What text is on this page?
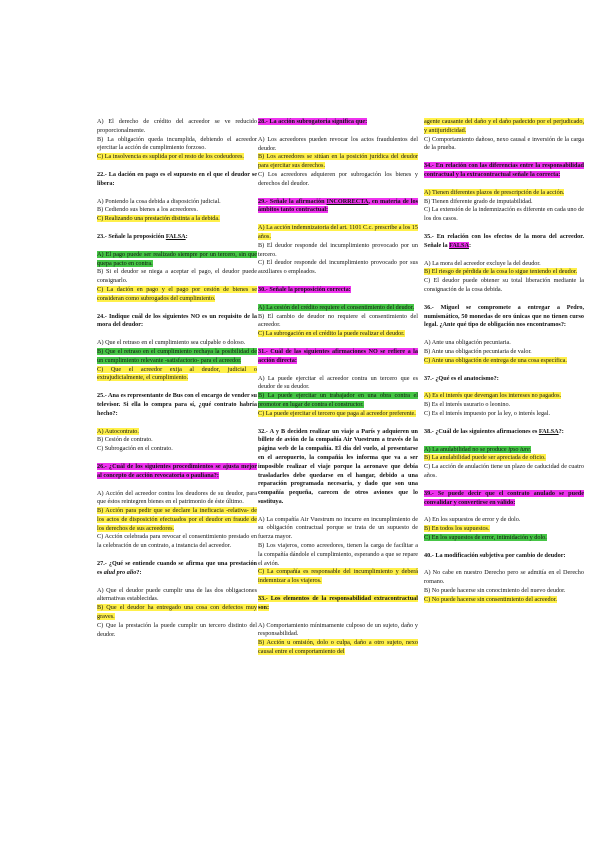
A) El derecho de crédito del acreedor se ve reducido proporcionalmente.

B) La obligación queda incumplida, debiendo el acreedor ejercitar la acción de cumplimiento forzoso.

C) La insolvencia es suplida por el resto de los codeudores.

22.- La dación en pago es el supuesto en el que el deudor se libera:

A) Poniendo la cosa debida a disposición judicial.

B) Cediendo sus bienes a los acreedores.

C) Realizando una prestación distinta a la debida.

23.- Señale la proposición FALSA:

A) El pago puede ser realizado siempre por un tercero, sin que quepa pacto en contra.

B) Si el deudor se niega a aceptar el pago, el deudor puede consignarlo.

C) La dación en pago y el pago por cesión de bienes se consideran como subrogados del cumplimiento.

24.- Indique cuál de los siguientes NO es un requisito de la mora del deudor:

A) Que el retraso en el cumplimiento sea culpable o doloso.

B) Que el retraso en el cumplimiento rechaya la posibilidad de un cumplimiento relevante -satisfactorio- para el acreedor.

C) Que el acreedor exija al deudor, judicial o extrajudicialmente, el cumplimiento.

25.- Ana es representante de Bus con el encargo de vender su televisor. Si ella lo compra para sí, ¿qué contrato habría hecho?:

A) Autocontrato.

B) Cesión de contrato.

C) Subrogación en el contrato.

26.- ¿Cuál de los siguientes procedimientos se ajusta mejor al concepto de acción revocatoria o pauliana?:

A) Acción del acreedor contra los deudores de su deudor, para que éstos reintegren bienes en el patrimonio de éste último.

B) Acción para pedir que se declare la ineficacia -relativa- de los actos de disposición efectuados por el deudor en fraude de los derechos de sus acreedores.

C) Acción celebrada para revocar el consentimiento prestado en la celebración de un contrato, a instancia del acreedor.

27.- ¿Qué se entiende cuando se afirma que una prestación es alud pro alio?:

A) Que el deudor puede cumplir una de las dos obligaciones alternativas establecidas.

B) Que el deudor ha entregado una cosa con defectos muy graves.

C) Que la prestación la puede cumplir un tercero distinto del deudor.

28.- La acción subrogatoria significa que:

A) Los acreedores pueden revocar los actos fraudulentos del deudor.

B) Los acreedores se sitúan en la posición jurídica del deudor para ejercitar sus derechos.

C) Los acreedores adquieren por subrogación los bienes y derechos del deudor.

29.- Señale la afirmación INCORRECTA, en materia de los ámbitos tanto contractual:

A) La acción indemnizatoria del art. 1101 C.c. prescribe a los 15 años.

B) El deudor responde del incumplimiento provocado por un tercero.

C) El deudor responde del incumplimiento provocado por sus auxiliares o empleados.

30.- Señale la proposición correcta:

A) La cesión del crédito requiere el consentimiento del deudor.

B) El cambio de deudor no requiere el consentimiento del acreedor.

C) La subrogación en el crédito la puede realizar el deudor.

31.- Cuál de las siguientes afirmaciones NO se refiere a la acción directa:

A) La puede ejercitar el acreedor contra un tercero que es deudor de su deudor.

B) La puede ejercitar un trabajador en una obra contra el promotor en lugar de contra el constructor.

C) La puede ejercitar el tercero que paga al acreedor preferente.

32.- A y B deciden realizar un viaje a París y adquieren un billete de avión de la compañía Air Vuestrum a través de la página web de la compañía. El día del vuelo, al presentarse en el aeropuerto, la compañía les informa que va a ser imposible realizar el viaje porque la aeronave que debía trasladarles debe quedarse en el hangar, debido a una reparación programada necesaria, y dado que son una compañía pequeña, carecen de otros aviones que lo sustituya.

A) La compañía Air Vuestrum no incurre en incumplimiento de su obligación contractual porque se trata de un supuesto de fuerza mayor.

B) Los viajeros, como acreedores, tienen la carga de facilitar a la compañía dándole el cumplimiento, esperando a que se repare el avión.

C) La compañía es responsable del incumplimiento y deberá indemnizar a los viajeros.

33.- Los elementos de la responsabilidad extracontractual son:

A) Comportamiento mínimamente culposo de un sujeto, daño y responsabilidad.

B) Acción u omisión, dolo o culpa, daño a otro sujeto, nexo causal entre el comportamiento del

agente causante del daño y el daño padecido por el perjudicado, y antijuridicidad.

C) Comportamiento dañoso, nexo causal e inversión de la carga de la prueba.

34.- En relación con las diferencias entre la responsabilidad contractual y la extracontractual señale la correcta:

A) Tienen diferentes plazos de prescripción de la acción.

B) Tienen diferente grado de imputabilidad.

C) La extensión de la indemnización es diferente en cada uno de los dos casos.

35.- En relación con los efectos de la mora del acreedor. Señale la FALSA:

A) La mora del acreedor excluye la del deudor.

B) El riesgo de pérdida de la cosa lo sigue teniendo el deudor.

C) El deudor puede obtener su total liberación mediante la consignación de la cosa debida.

36.- Miguel se compromete a entregar a Pedro, numismático, 50 monedas de oro únicas que no tienen curso legal. ¿Ante qué tipo de obligación nos encontramos?:

A) Ante una obligación pecuniaria.

B) Ante una obligación pecuniaria de valor.

C) Ante una obligación de entrega de una cosa específica.

37.- ¿Qué es el anatocismo?:

A) Es el interés que devengan los intereses no pagados.

B) Es el interés usurario o leonino.

C) Es el interés impuesto por la ley, o interés legal.

38.- ¿Cuál de las siguientes afirmaciones es FALSA?:

A) La anulabilidad no se produce ipso iure.

B) La anulabilidad puede ser apreciada de oficio.

C) La acción de anulación tiene un plazo de caducidad de cuatro años.

39.- Se puede decir que el contrato anulado se puede convalidar y convertirse en válido:

A) En los supuestos de error y de dolo.

B) En todos los supuestos.

C) En los supuestos de error, intimidación y dolo.

40.- La modificación subjetiva por cambio de deudor:

A) No cabe en nuestro Derecho pero se admitía en el Derecho romano.

B) No puede hacerse sin conocimiento del nuevo deudor.

C) No puede hacerse sin consentimiento del acreedor.
